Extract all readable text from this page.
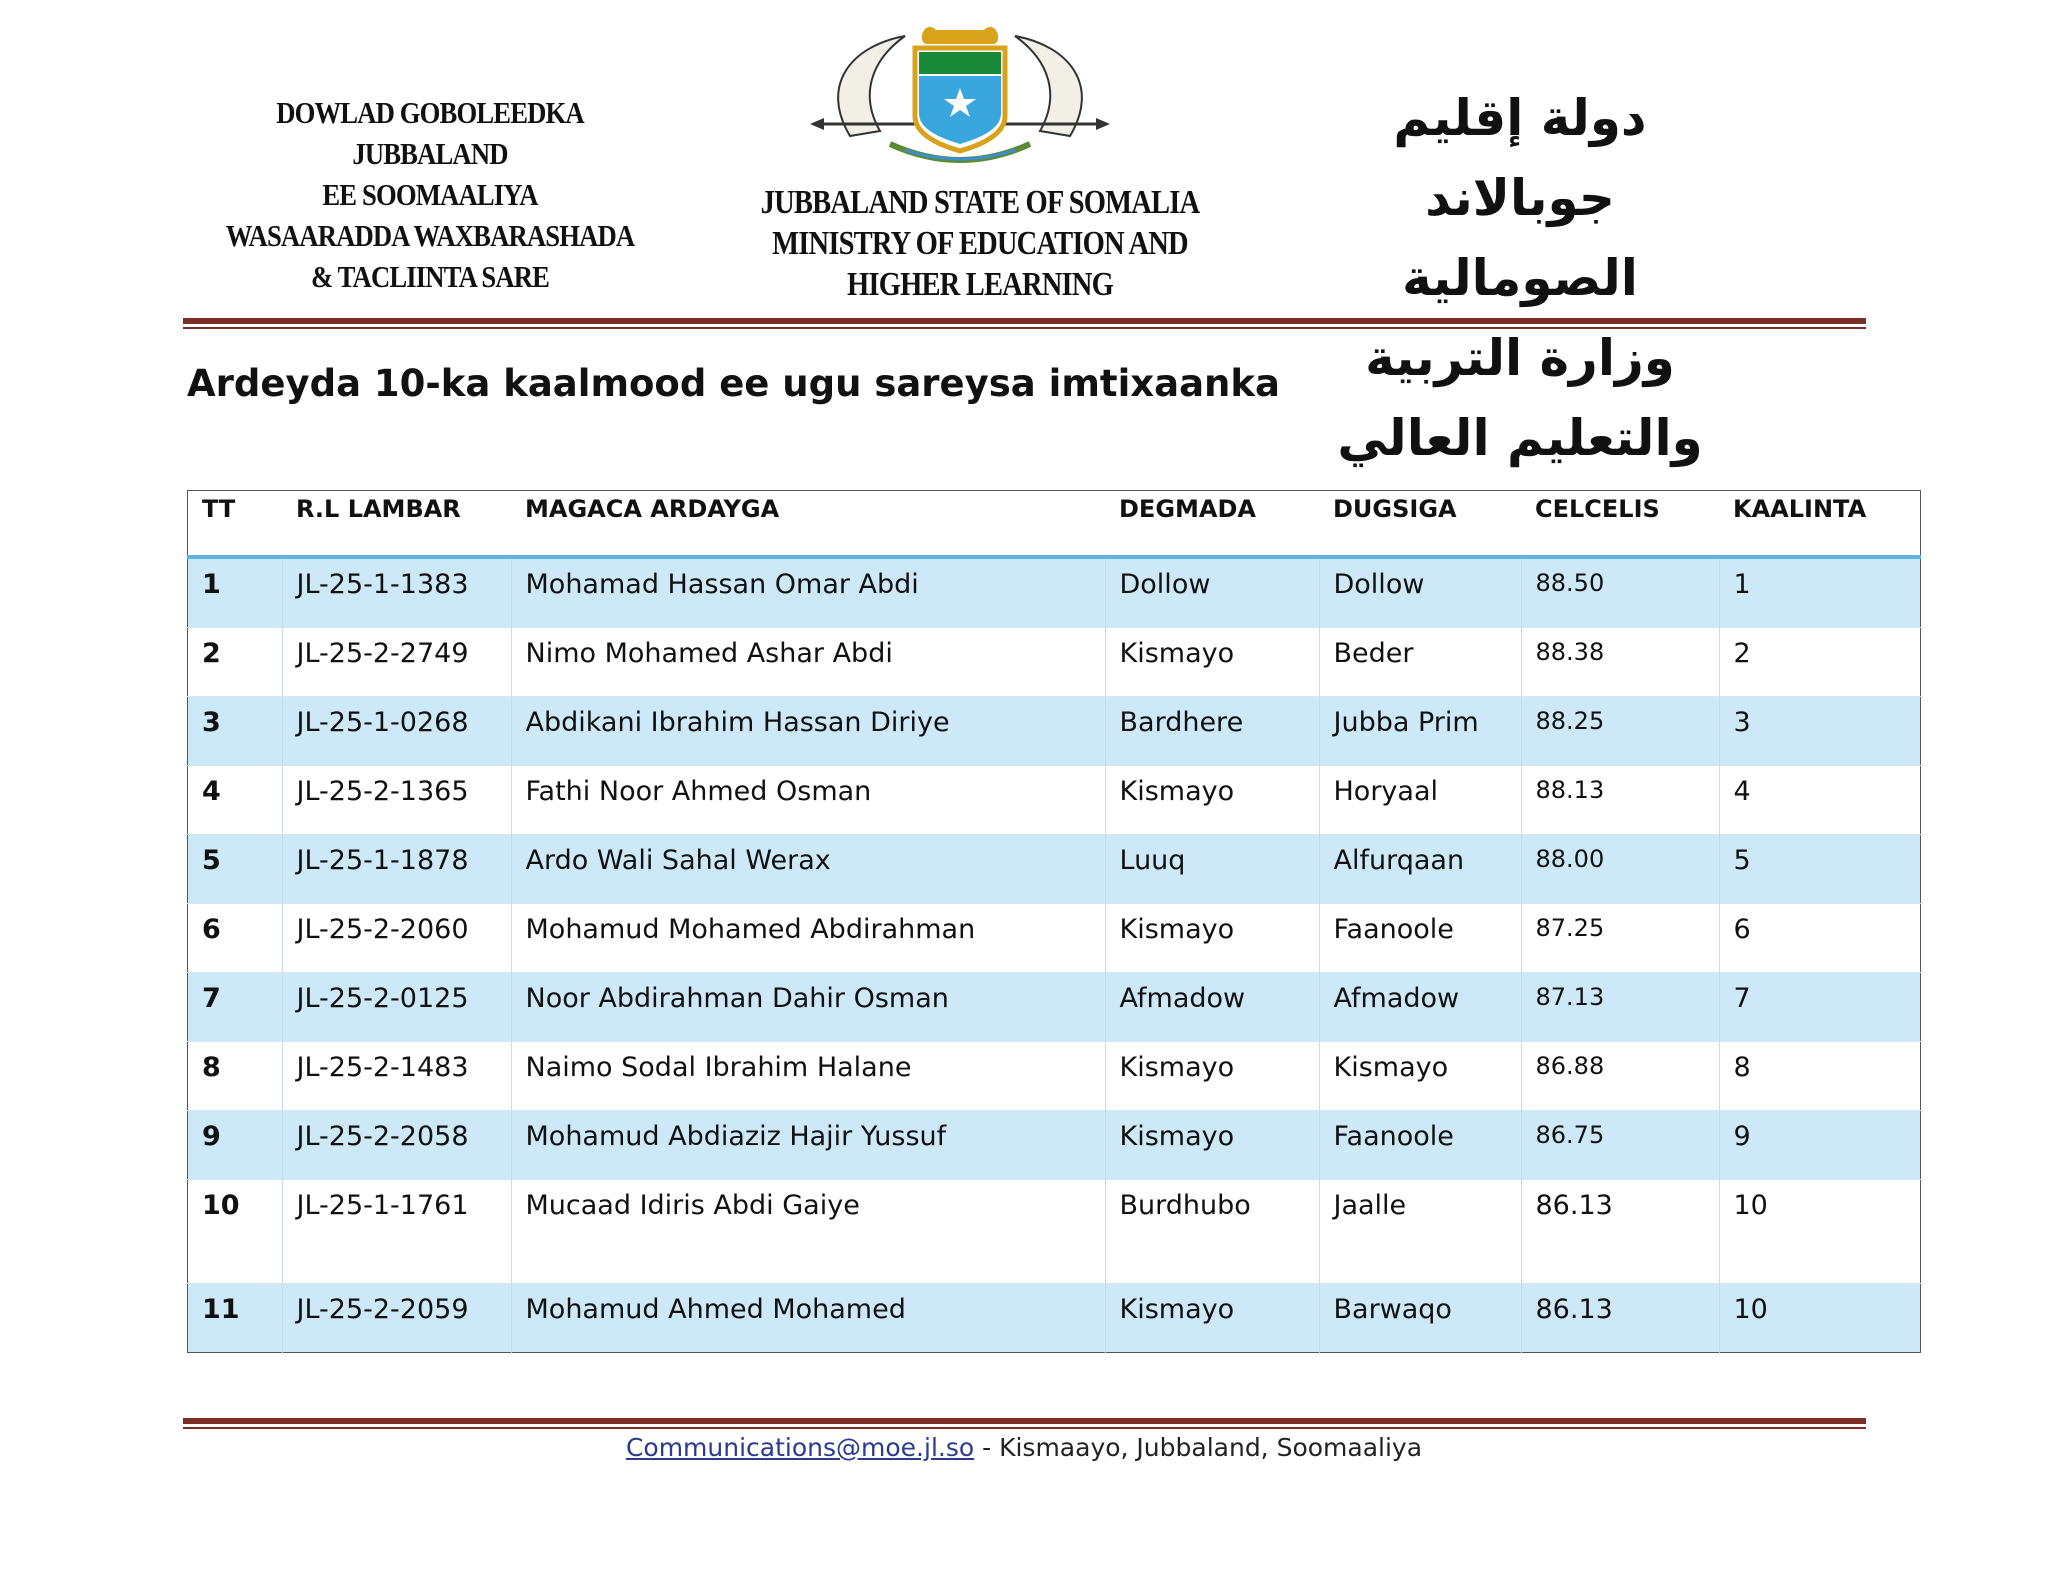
DOWLAD GOBOLEEDKA
JUBBALAND
EE SOOMAALIYA
WASAARADDA WAXBARASHADA
& TACLIINTA SARE
JUBBALAND STATE OF SOMALIA
MINISTRY OF EDUCATION AND
HIGHER LEARNING
دولة إقليم جوبالاند الصومالية
وزارة التربية والتعليم العالي
Ardeyda 10-ka kaalmood ee ugu sareysa imtixaanka
TT	R.L LAMBAR	MAGACA ARDAYGA	DEGMADA	DUGSIGA	CELCELIS	KAALINTA
1	JL-25-1-1383	Mohamad Hassan Omar Abdi	Dollow	Dollow	88.50	1
2	JL-25-2-2749	Nimo Mohamed Ashar Abdi	Kismayo	Beder	88.38	2
3	JL-25-1-0268	Abdikani Ibrahim Hassan Diriye	Bardhere	Jubba Prim	88.25	3
4	JL-25-2-1365	Fathi Noor Ahmed Osman	Kismayo	Horyaal	88.13	4
5	JL-25-1-1878	Ardo Wali Sahal Werax	Luuq	Alfurqaan	88.00	5
6	JL-25-2-2060	Mohamud Mohamed Abdirahman	Kismayo	Faanoole	87.25	6
7	JL-25-2-0125	Noor Abdirahman Dahir Osman	Afmadow	Afmadow	87.13	7
8	JL-25-2-1483	Naimo Sodal Ibrahim Halane	Kismayo	Kismayo	86.88	8
9	JL-25-2-2058	Mohamud Abdiaziz Hajir Yussuf	Kismayo	Faanoole	86.75	9
10	JL-25-1-1761	Mucaad Idiris Abdi Gaiye	Burdhubo	Jaalle	86.13	10
11	JL-25-2-2059	Mohamud Ahmed Mohamed	Kismayo	Barwaqo	86.13	10
Communications@moe.jl.so - Kismaayo, Jubbaland, Soomaaliya
